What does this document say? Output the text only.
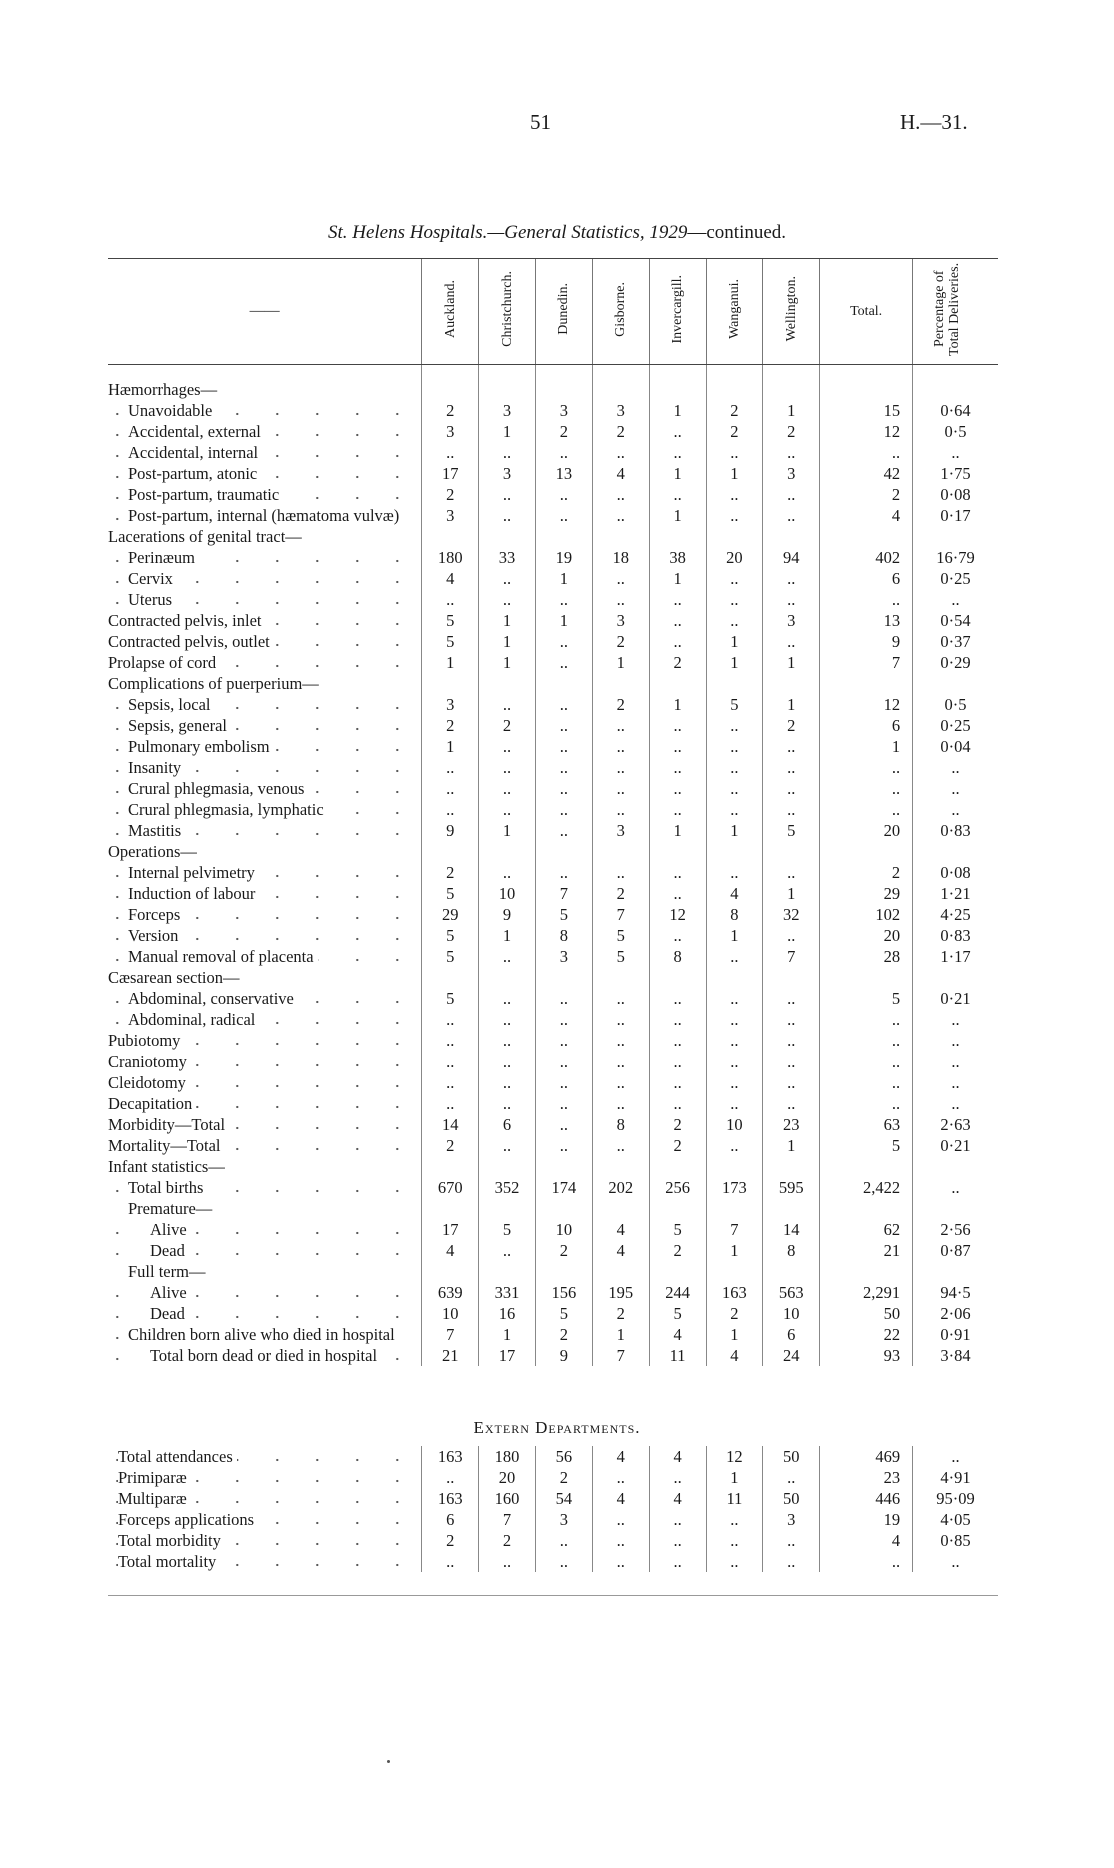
51	H.—31.
St. Helens Hospitals.—General Statistics, 1929—continued.
——	Auckland.	Christchurch.	Dunedin.	Gisborne.	Invercargill.	Wanganui.	Wellington.	Total.	Percentage of Total Deliveries.

Hæmorrhages—									
Unavoidable	2	3	3	3	1	2	1	15	0·64
Accidental, external	3	1	2	2	..	2	2	12	0·5
Accidental, internal	..	..	..	..	..	..	..	..	..
Post-partum, atonic	17	3	13	4	1	1	3	42	1·75
Post-partum, traumatic	2	..	..	..	..	..	..	2	0·08
Post-partum, internal (hæmatoma vulvæ)	3	..	..	..	1	..	..	4	0·17
Lacerations of genital tract—									
Perinæum	180	33	19	18	38	20	94	402	16·79
Cervix	4	..	1	..	1	..	..	6	0·25
Uterus	..	..	..	..	..	..	..	..	..
Contracted pelvis, inlet	5	1	1	3	..	..	3	13	0·54
Contracted pelvis, outlet	5	1	..	2	..	1	..	9	0·37
Prolapse of cord	1	1	..	1	2	1	1	7	0·29
Complications of puerperium—									
Sepsis, local	3	..	..	2	1	5	1	12	0·5
Sepsis, general	2	2	..	..	..	..	2	6	0·25
Pulmonary embolism	1	..	..	..	..	..	..	1	0·04
Insanity	..	..	..	..	..	..	..	..	..
Crural phlegmasia, venous	..	..	..	..	..	..	..	..	..
Crural phlegmasia, lymphatic	..	..	..	..	..	..	..	..	..
Mastitis	9	1	..	3	1	1	5	20	0·83
Operations—									
Internal pelvimetry	2	..	..	..	..	..	..	2	0·08
Induction of labour	5	10	7	2	..	4	1	29	1·21
Forceps	29	9	5	7	12	8	32	102	4·25
Version	5	1	8	5	..	1	..	20	0·83
Manual removal of placenta	5	..	3	5	8	..	7	28	1·17
Cæsarean section—									
Abdominal, conservative	5	..	..	..	..	..	..	5	0·21
Abdominal, radical	..	..	..	..	..	..	..	..	..
Pubiotomy	..	..	..	..	..	..	..	..	..
Craniotomy	..	..	..	..	..	..	..	..	..
Cleidotomy	..	..	..	..	..	..	..	..	..
Decapitation	..	..	..	..	..	..	..	..	..
Morbidity—Total	14	6	..	8	2	10	23	63	2·63
Mortality—Total	2	..	..	..	2	..	1	5	0·21
Infant statistics—									
Total births	670	352	174	202	256	173	595	2,422	..
Premature—									
Alive	17	5	10	4	5	7	14	62	2·56
Dead	4	..	2	4	2	1	8	21	0·87
Full term—									
Alive	639	331	156	195	244	163	563	2,291	94·5
Dead	10	16	5	2	5	2	10	50	2·06
Children born alive who died in hospital	7	1	2	1	4	1	6	22	0·91
Total born dead or died in hospital	21	17	9	7	11	4	24	93	3·84
Extern Departments.
Total attendances	163	180	56	4	4	12	50	469	..
Primiparæ	..	20	2	..	..	1	..	23	4·91
Multiparæ	163	160	54	4	4	11	50	446	95·09
Forceps applications	6	7	3	..	..	..	3	19	4·05
Total morbidity	2	2	..	..	..	..	..	4	0·85
Total mortality	..	..	..	..	..	..	..	..	..
